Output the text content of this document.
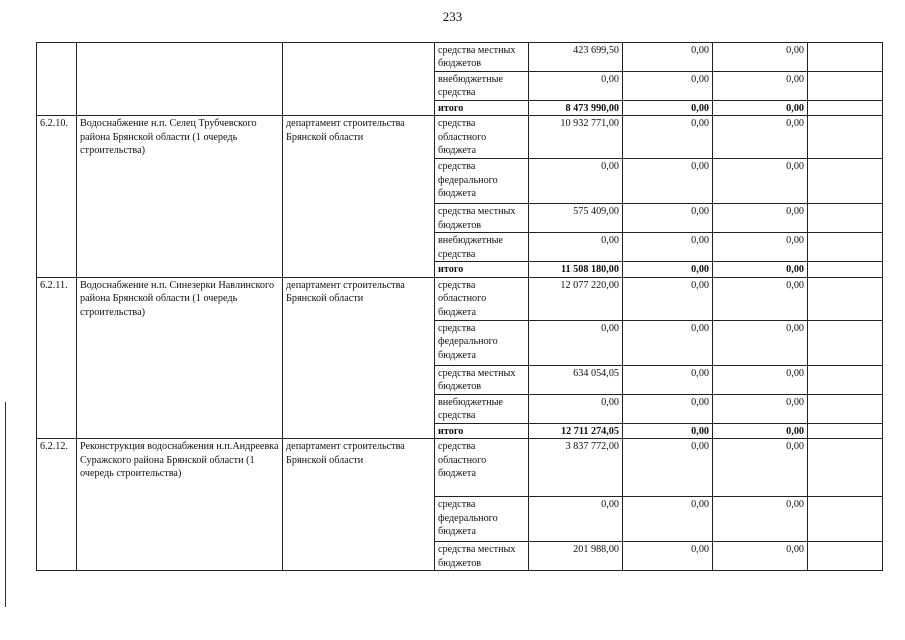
233
			средства местных бюджетов	423 699,50	0,00	0,00	
			внебюджетные средства	0,00	0,00	0,00	
			итого	8 473 990,00	0,00	0,00	
6.2.10.	Водоснабжение н.п. Селец Трубчевского района Брянской области (1 очередь строительства)	департамент строительства Брянской области	средства областного бюджета	10 932 771,00	0,00	0,00	
			средства федерального бюджета	0,00	0,00	0,00	
			средства местных бюджетов	575 409,00	0,00	0,00	
			внебюджетные средства	0,00	0,00	0,00	
			итого	11 508 180,00	0,00	0,00	
6.2.11.	Водоснабжение н.п. Синезерки Навлинского района Брянской области (1 очередь строительства)	департамент строительства Брянской области	средства областного бюджета	12 077 220,00	0,00	0,00	
			средства федерального бюджета	0,00	0,00	0,00	
			средства местных бюджетов	634 054,05	0,00	0,00	
			внебюджетные средства	0,00	0,00	0,00	
			итого	12 711 274,05	0,00	0,00	
6.2.12.	Реконструкция водоснабжения н.п.Андреевка Суражского района Брянской области (1 очередь строительства)	департамент строительства Брянской области	средства областного бюджета	3 837 772,00	0,00	0,00	
			средства федерального бюджета	0,00	0,00	0,00	
			средства местных бюджетов	201 988,00	0,00	0,00	
